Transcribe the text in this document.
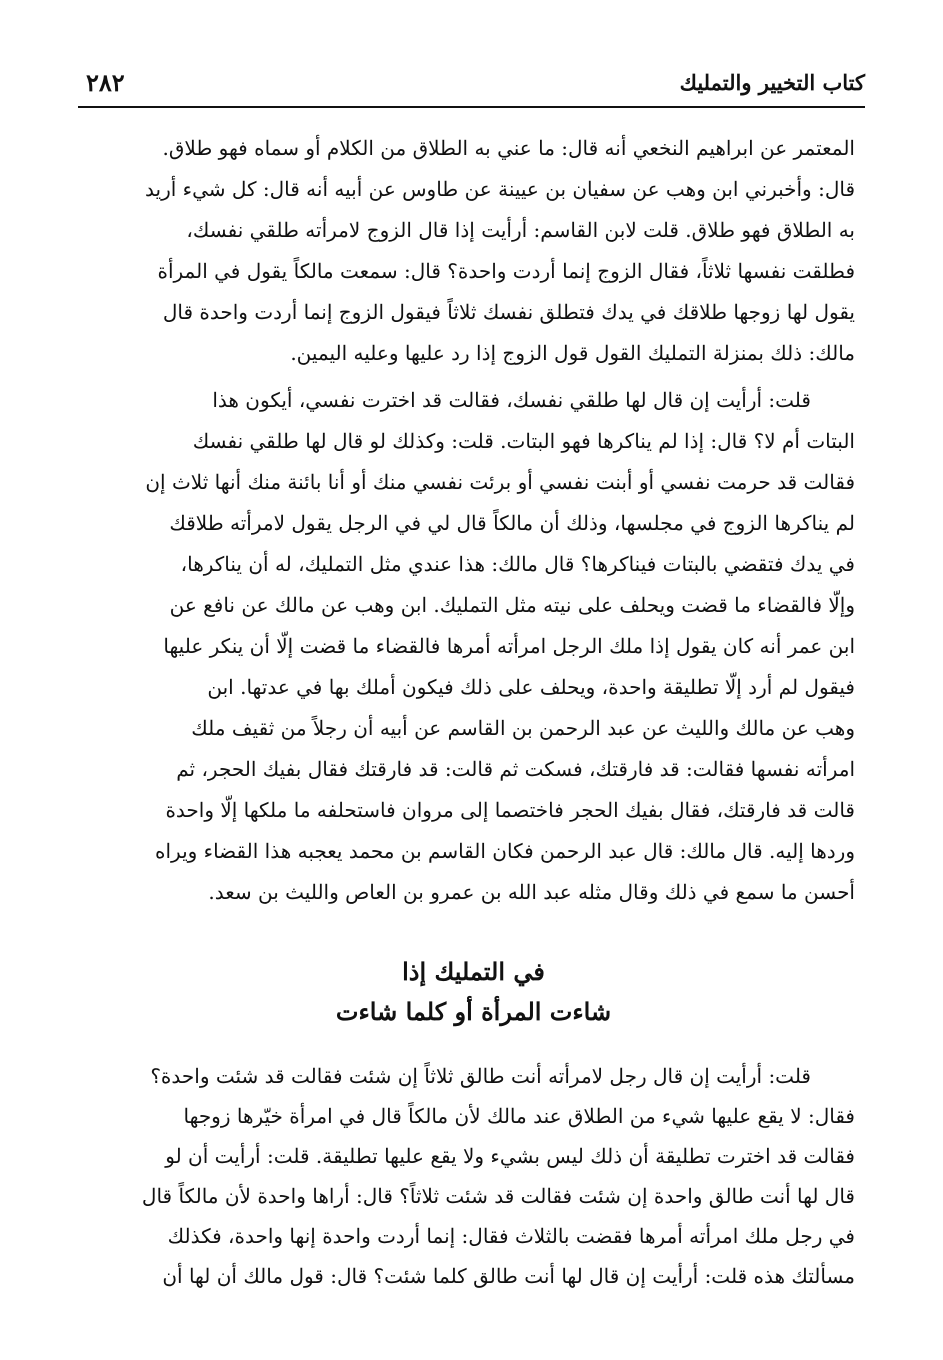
كتاب التخيير والتمليك
٢٨٢

المعتمر عن ابراهيم النخعي أنه قال: ما عني به الطلاق من الكلام أو سماه فهو طلاق.
قال: وأخبرني ابن وهب عن سفيان بن عيينة عن طاوس عن أبيه أنه قال: كل شيء أريد
به الطلاق فهو طلاق. قلت لابن القاسم: أرأيت إذا قال الزوج لامرأته طلقي نفسك،
فطلقت نفسها ثلاثاً، فقال الزوج إنما أردت واحدة؟ قال: سمعت مالكاً يقول في المرأة
يقول لها زوجها طلاقك في يدك فتطلق نفسك ثلاثاً فيقول الزوج إنما أردت واحدة قال
مالك: ذلك بمنزلة التمليك القول قول الزوج إذا رد عليها وعليه اليمين.

قلت: أرأيت إن قال لها طلقي نفسك، فقالت قد اخترت نفسي، أيكون هذا
البتات أم لا؟ قال: إذا لم يناكرها فهو البتات. قلت: وكذلك لو قال لها طلقي نفسك
فقالت قد حرمت نفسي أو أبنت نفسي أو برئت نفسي منك أو أنا بائنة منك أنها ثلاث إن
لم يناكرها الزوج في مجلسها، وذلك أن مالكاً قال لي في الرجل يقول لامرأته طلاقك
في يدك فتقضي بالبتات فيناكرها؟ قال مالك: هذا عندي مثل التمليك، له أن يناكرها،
وإلّا فالقضاء ما قضت ويحلف على نيته مثل التمليك. ابن وهب عن مالك عن نافع عن
ابن عمر أنه كان يقول إذا ملك الرجل امرأته أمرها فالقضاء ما قضت إلّا أن ينكر عليها
فيقول لم أرد إلّا تطليقة واحدة، ويحلف على ذلك فيكون أملك بها في عدتها. ابن
وهب عن مالك والليث عن عبد الرحمن بن القاسم عن أبيه أن رجلاً من ثقيف ملك
امرأته نفسها فقالت: قد فارقتك، فسكت ثم قالت: قد فارقتك فقال بفيك الحجر، ثم
قالت قد فارقتك، فقال بفيك الحجر فاختصما إلى مروان فاستحلفه ما ملكها إلّا واحدة
وردها إليه. قال مالك: قال عبد الرحمن فكان القاسم بن محمد يعجبه هذا القضاء ويراه
أحسن ما سمع في ذلك وقال مثله عبد الله بن عمرو بن العاص والليث بن سعد.

في التمليك إذا
شاءت المرأة أو كلما شاءت

قلت: أرأيت إن قال رجل لامرأته أنت طالق ثلاثاً إن شئت فقالت قد شئت واحدة؟
فقال: لا يقع عليها شيء من الطلاق عند مالك لأن مالكاً قال في امرأة خيّرها زوجها
فقالت قد اخترت تطليقة أن ذلك ليس بشيء ولا يقع عليها تطليقة. قلت: أرأيت أن لو
قال لها أنت طالق واحدة إن شئت فقالت قد شئت ثلاثاً؟ قال: أراها واحدة لأن مالكاً قال
في رجل ملك امرأته أمرها فقضت بالثلاث فقال: إنما أردت واحدة إنها واحدة، فكذلك
مسألتك هذه قلت: أرأيت إن قال لها أنت طالق كلما شئت؟ قال: قول مالك أن لها أن
